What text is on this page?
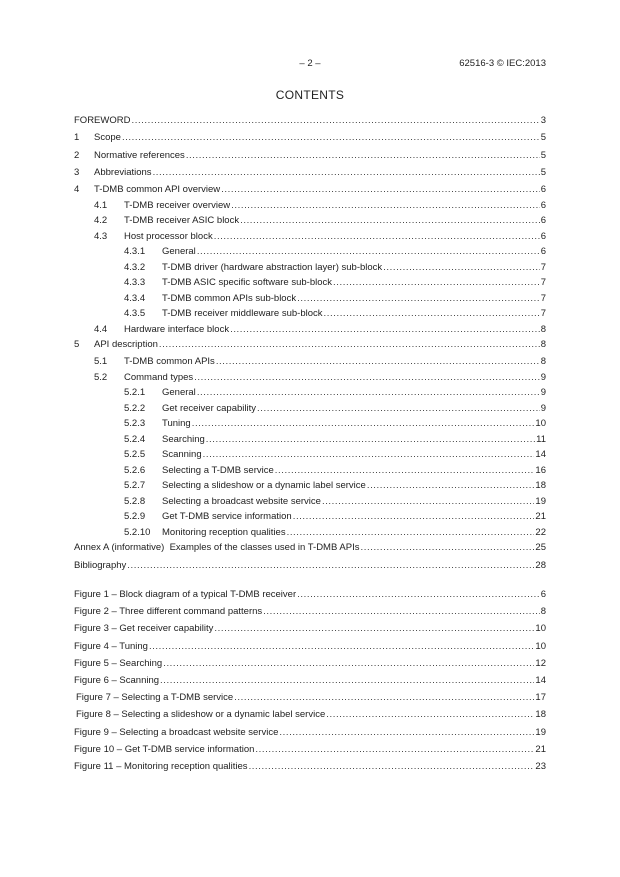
– 2 –	62516-3 © IEC:2013
CONTENTS
FOREWORD .....	3
1	Scope .....	5
2	Normative references .....	5
3	Abbreviations .....	5
4	T-DMB common API overview .....	6
4.1	T-DMB receiver overview .....	6
4.2	T-DMB receiver ASIC block .....	6
4.3	Host processor block .....	6
4.3.1	General .....	6
4.3.2	T-DMB driver (hardware abstraction layer) sub-block .....	7
4.3.3	T-DMB ASIC specific software sub-block .....	7
4.3.4	T-DMB common APIs sub-block .....	7
4.3.5	T-DMB receiver middleware sub-block .....	7
4.4	Hardware interface block .....	8
5	API description .....	8
5.1	T-DMB common APIs .....	8
5.2	Command types .....	9
5.2.1	General .....	9
5.2.2	Get receiver capability .....	9
5.2.3	Tuning .....	10
5.2.4	Searching .....	11
5.2.5	Scanning .....	14
5.2.6	Selecting a T-DMB service .....	16
5.2.7	Selecting a slideshow or a dynamic label service .....	18
5.2.8	Selecting a broadcast website service .....	19
5.2.9	Get T-DMB service information .....	21
5.2.10	Monitoring reception qualities .....	22
Annex A (informative)  Examples of the classes used in T-DMB APIs .....	25
Bibliography .....	28
Figure 1 – Block diagram of a typical T-DMB receiver .....	6
Figure 2 – Three different command patterns .....	8
Figure 3 – Get receiver capability .....	10
Figure 4 – Tuning .....	10
Figure 5 – Searching .....	12
Figure 6 – Scanning .....	14
Figure 7 – Selecting a T-DMB service .....	17
Figure 8 – Selecting a slideshow or a dynamic label service .....	18
Figure 9 – Selecting a broadcast website service .....	19
Figure 10 – Get T-DMB service information .....	21
Figure 11 – Monitoring reception qualities .....	23
